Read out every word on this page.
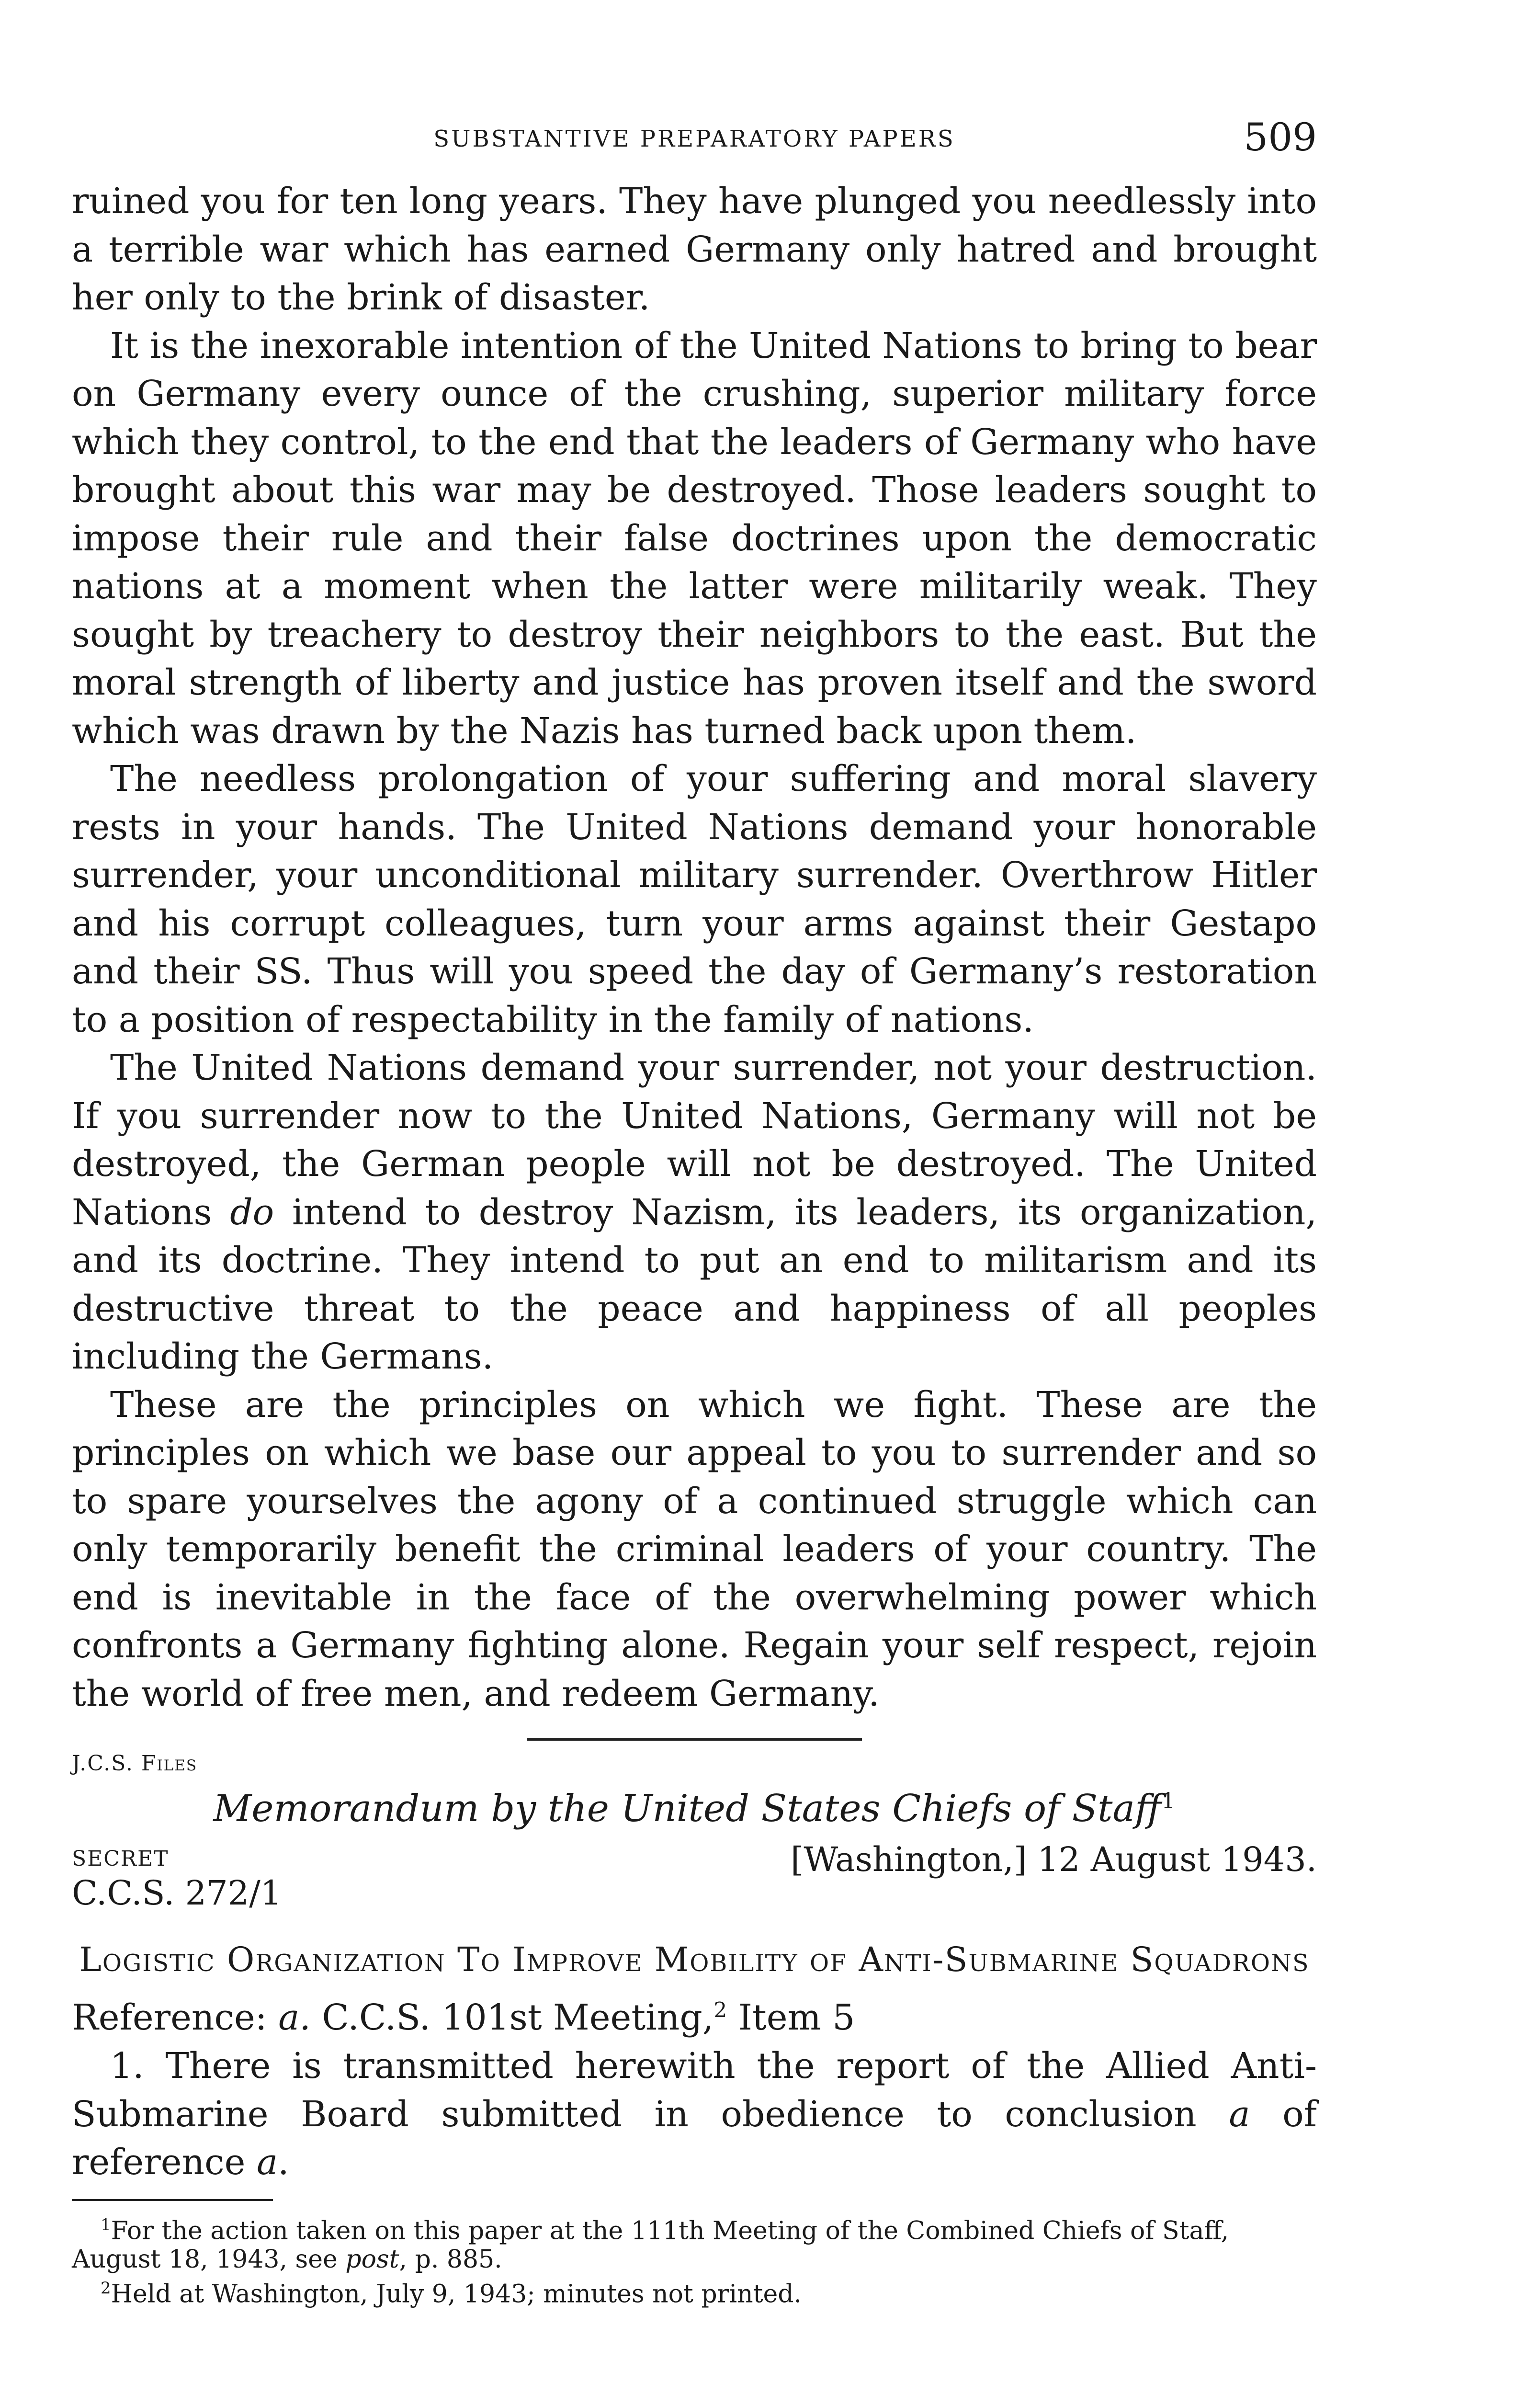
SUBSTANTIVE PREPARATORY PAPERS	509

ruined you for ten long years. They have plunged you needlessly into a terrible war which has earned Germany only hatred and brought her only to the brink of disaster.

It is the inexorable intention of the United Nations to bring to bear on Germany every ounce of the crushing, superior military force which they control, to the end that the leaders of Germany who have brought about this war may be destroyed. Those leaders sought to impose their rule and their false doctrines upon the democratic nations at a moment when the latter were militarily weak. They sought by treachery to destroy their neighbors to the east. But the moral strength of liberty and justice has proven itself and the sword which was drawn by the Nazis has turned back upon them.

The needless prolongation of your suffering and moral slavery rests in your hands. The United Nations demand your honorable surrender, your unconditional military surrender. Overthrow Hitler and his corrupt colleagues, turn your arms against their Gestapo and their SS. Thus will you speed the day of Germany’s restoration to a position of respectability in the family of nations.

The United Nations demand your surrender, not your destruction. If you surrender now to the United Nations, Germany will not be destroyed, the German people will not be destroyed. The United Nations do intend to destroy Nazism, its leaders, its organization, and its doctrine. They intend to put an end to militarism and its destructive threat to the peace and happiness of all peoples including the Germans.

These are the principles on which we fight. These are the principles on which we base our appeal to you to surrender and so to spare yourselves the agony of a continued struggle which can only temporarily benefit the criminal leaders of your country. The end is inevitable in the face of the overwhelming power which confronts a Germany fighting alone. Regain your self respect, rejoin the world of free men, and redeem Germany.

J.C.S. Files
Memorandum by the United States Chiefs of Staff$^1$
SECRET	[Washington,] 12 August 1943.
C.C.S. 272/1
Logistic Organization To Improve Mobility of Anti-Submarine Squadrons
Reference: a. C.C.S. 101st Meeting,$^2$ Item 5

1. There is transmitted herewith the report of the Allied Anti-Submarine Board submitted in obedience to conclusion a of reference a.

$^1$For the action taken on this paper at the 111th Meeting of the Combined Chiefs of Staff, August 18, 1943, see post, p. 885.

$^2$Held at Washington, July 9, 1943; minutes not printed.
